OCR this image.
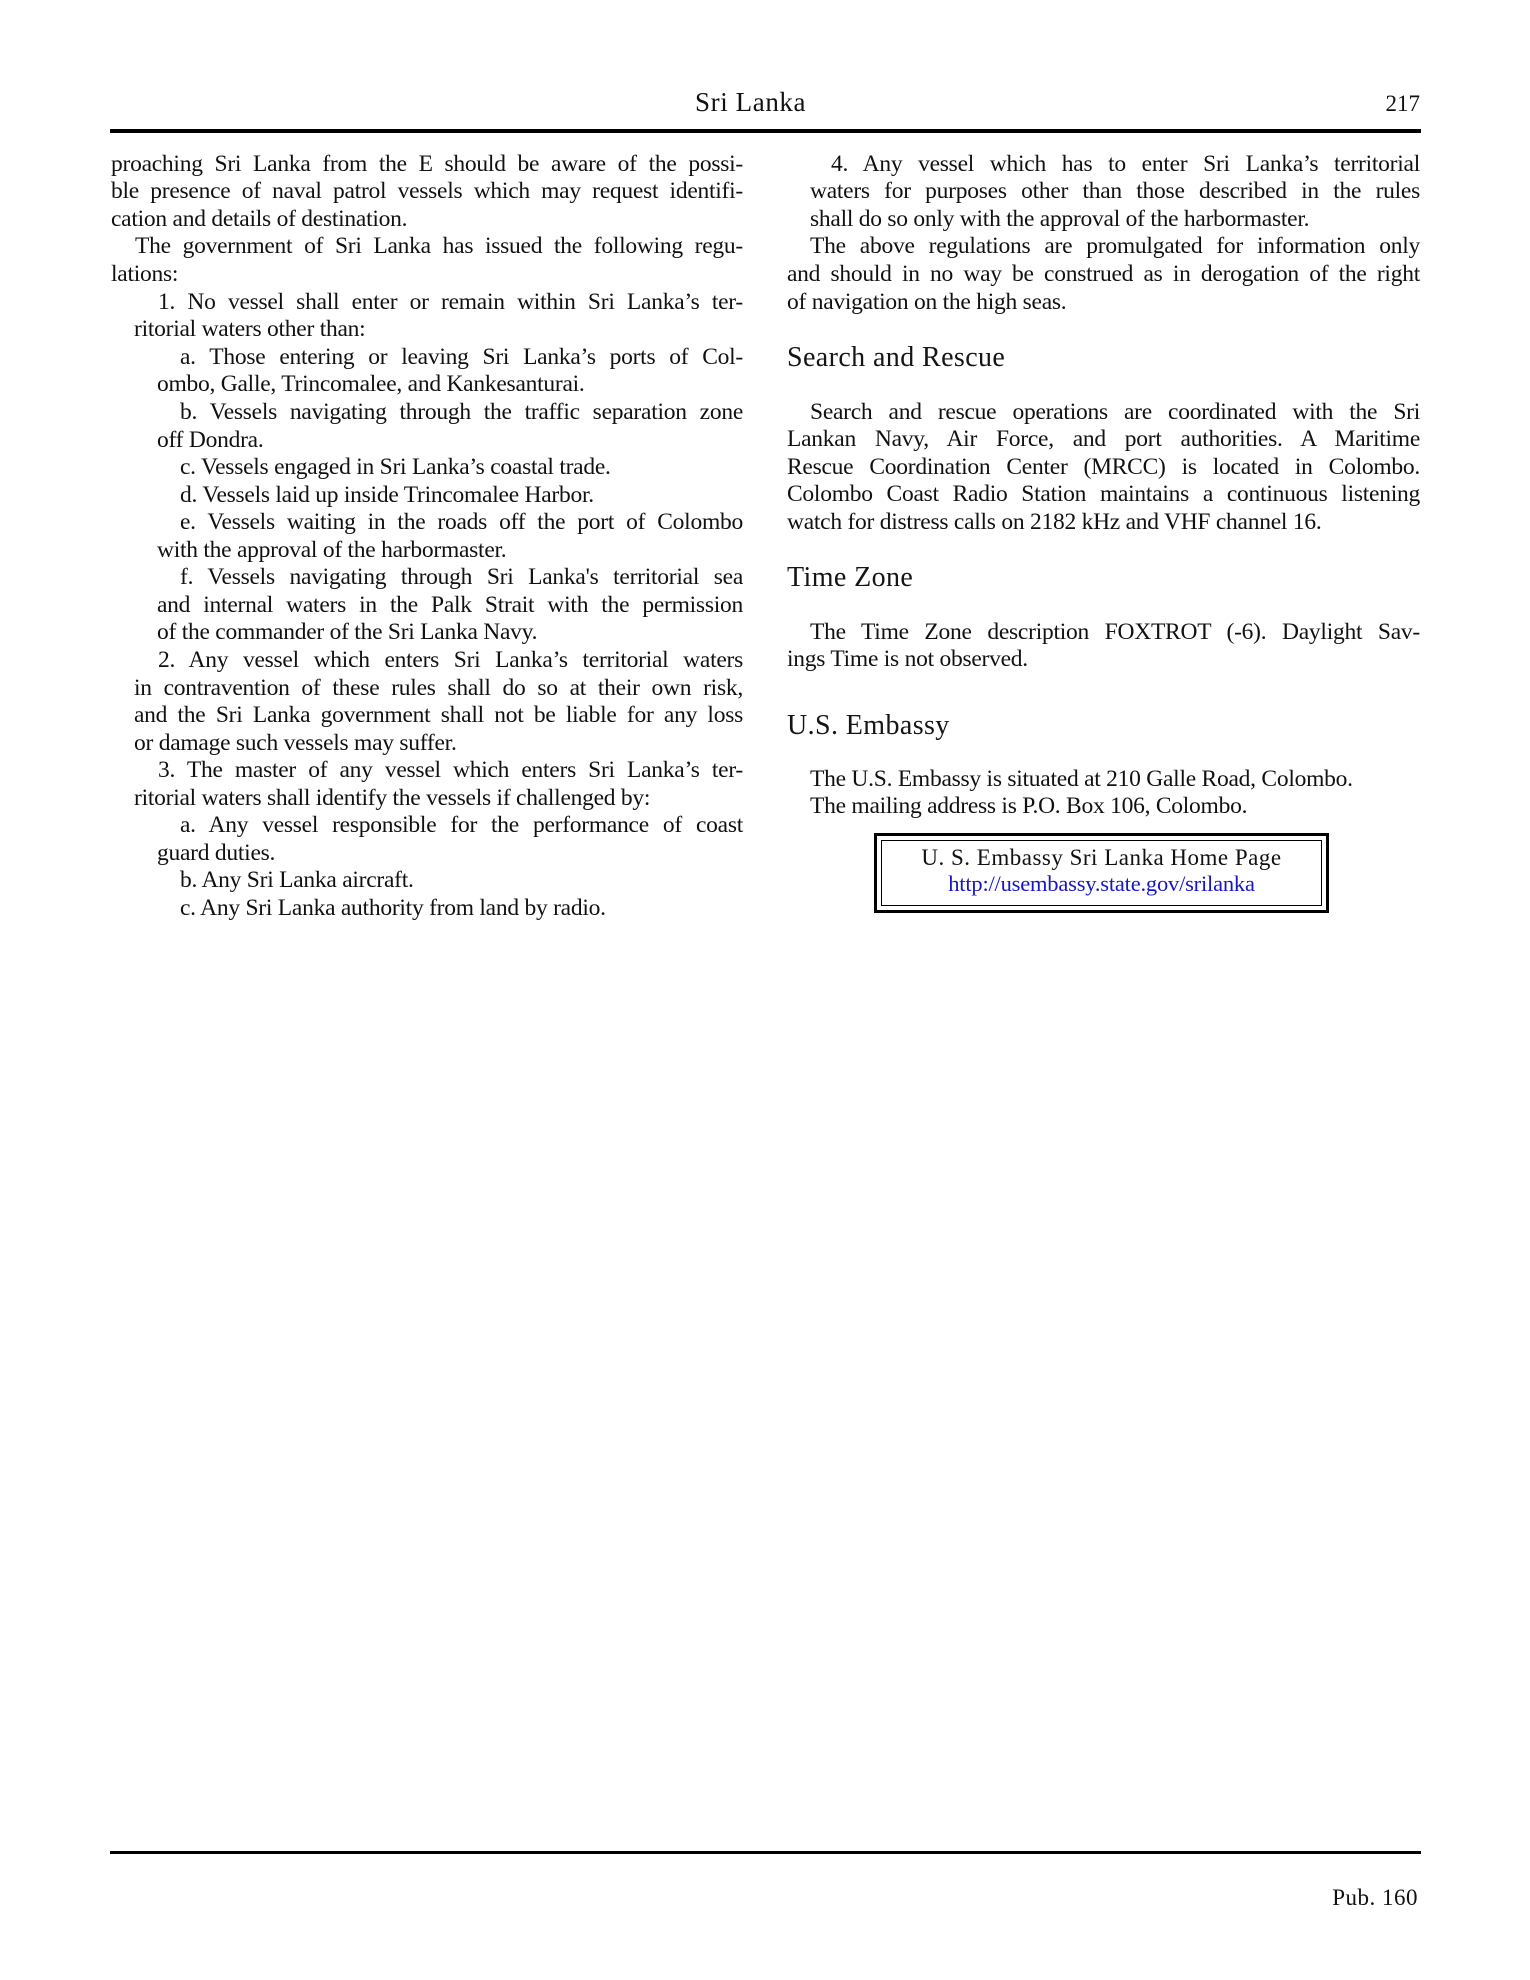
Sri Lanka	217
proaching Sri Lanka from the E should be aware of the possi-
ble presence of naval patrol vessels which may request identifi-
cation and details of destination.
The government of Sri Lanka has issued the following regu-
lations:
1. No vessel shall enter or remain within Sri Lanka’s ter-
ritorial waters other than:
a. Those entering or leaving Sri Lanka’s ports of Col-
ombo, Galle, Trincomalee, and Kankesanturai.
b. Vessels navigating through the traffic separation zone
off Dondra.
c. Vessels engaged in Sri Lanka’s coastal trade.
d. Vessels laid up inside Trincomalee Harbor.
e. Vessels waiting in the roads off the port of Colombo
with the approval of the harbormaster.
f. Vessels navigating through Sri Lanka's territorial sea
and internal waters in the Palk Strait with the permission
of the commander of the Sri Lanka Navy.
2. Any vessel which enters Sri Lanka’s territorial waters
in contravention of these rules shall do so at their own risk,
and the Sri Lanka government shall not be liable for any loss
or damage such vessels may suffer.
3. The master of any vessel which enters Sri Lanka’s ter-
ritorial waters shall identify the vessels if challenged by:
a. Any vessel responsible for the performance of coast
guard duties.
b. Any Sri Lanka aircraft.
c. Any Sri Lanka authority from land by radio.
4. Any vessel which has to enter Sri Lanka’s territorial
waters for purposes other than those described in the rules
shall do so only with the approval of the harbormaster.
The above regulations are promulgated for information only
and should in no way be construed as in derogation of the right
of navigation on the high seas.
Search and Rescue
Search and rescue operations are coordinated with the Sri
Lankan Navy, Air Force, and port authorities. A Maritime
Rescue Coordination Center (MRCC) is located in Colombo.
Colombo Coast Radio Station maintains a continuous listening
watch for distress calls on 2182 kHz and VHF channel 16.
Time Zone
The Time Zone description FOXTROT (-6). Daylight Sav-
ings Time is not observed.
U.S. Embassy
The U.S. Embassy is situated at 210 Galle Road, Colombo.
The mailing address is P.O. Box 106, Colombo.
U. S. Embassy Sri Lanka Home Page
http://usembassy.state.gov/srilanka
Pub. 160
